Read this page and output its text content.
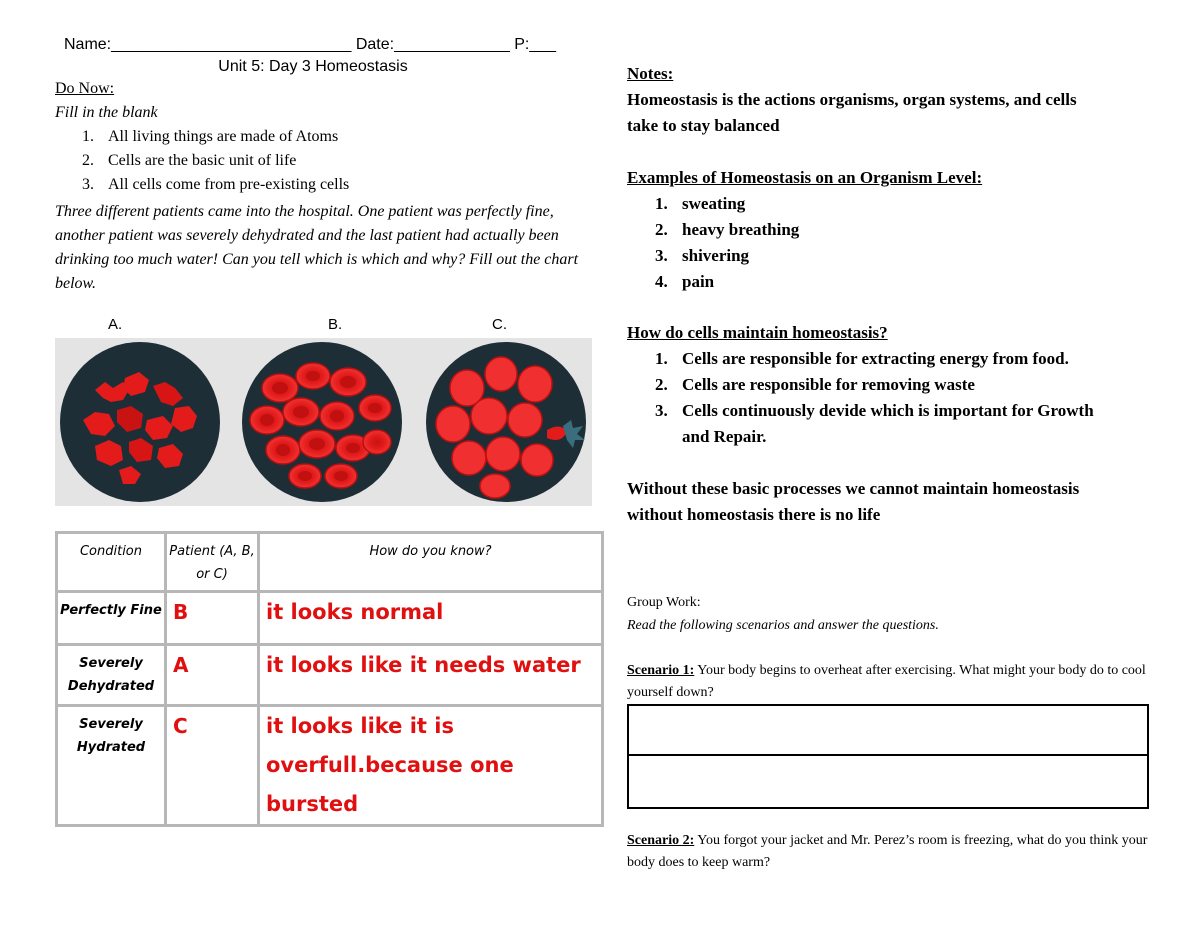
Name:___________________________ Date:_____________ P:___
Unit 5: Day 3 Homeostasis
Do Now:
Fill in the blank
1. All living things are made of Atoms
2. Cells are the basic unit of life
3. All cells come from pre-existing cells
Three different patients came into the hospital. One patient was perfectly fine, another patient was severely dehydrated and the last patient had actually been drinking too much water! Can you tell which is which and why? Fill out the chart below.
A.	B.	C.
Condition	Patient (A, B, or C)	How do you know?
Perfectly Fine	B	it looks normal
Severely Dehydrated	A	it looks like it needs water
Severely Hydrated	C	it looks like it is overfull.because one bursted
Notes:
Homeostasis is the actions organisms, organ systems, and cells
take to stay balanced
Examples of Homeostasis on an Organism Level:
1. sweating
2. heavy breathing
3. shivering
4. pain
How do cells maintain homeostasis?
1. Cells are responsible for extracting energy from food.
2. Cells are responsible for removing waste
3. Cells continuously devide which is important for Growth
and Repair.
Without these basic processes we cannot maintain homeostasis
without homeostasis there is no life
Group Work:
Read the following scenarios and answer the questions.
Scenario 1: Your body begins to overheat after exercising. What might your body do to cool yourself down?
Scenario 2: You forgot your jacket and Mr. Perez’s room is freezing, what do you think your body does to keep warm?
